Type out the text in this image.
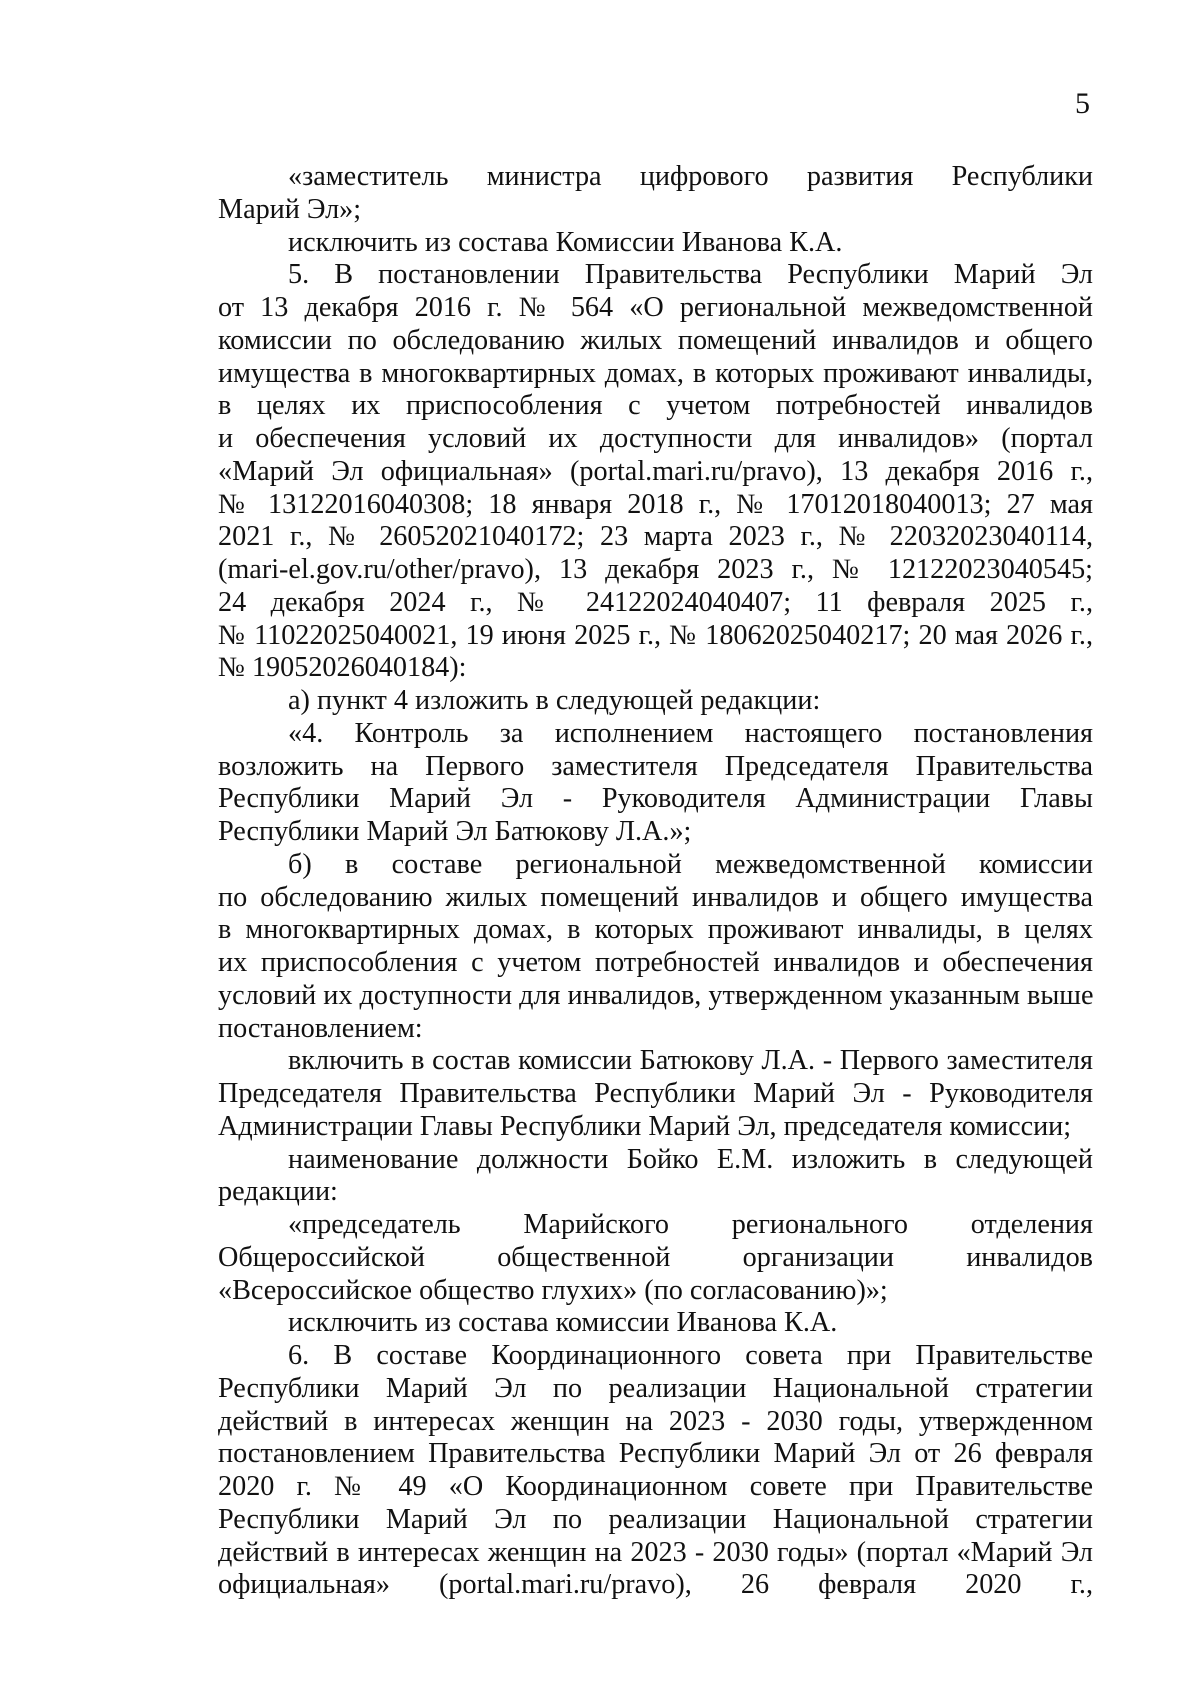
5
«заместитель министра цифрового развития Республики
Марий Эл»;
исключить из состава Комиссии Иванова К.А.
5. В постановлении Правительства Республики Марий Эл
от 13 декабря 2016 г. № 564 «О региональной межведомственной
комиссии по обследованию жилых помещений инвалидов и общего
имущества в многоквартирных домах, в которых проживают инвалиды,
в целях их приспособления с учетом потребностей инвалидов
и обеспечения условий их доступности для инвалидов» (портал
«Марий Эл официальная» (portal.mari.ru/pravo), 13 декабря 2016 г.,
№ 13122016040308; 18 января 2018 г., № 17012018040013; 27 мая
2021 г., № 26052021040172; 23 марта 2023 г., № 22032023040114,
(mari-el.gov.ru/other/pravo), 13 декабря 2023 г., № 12122023040545;
24 декабря 2024 г., № 24122024040407; 11 февраля 2025 г.,
№ 11022025040021, 19 июня 2025 г., № 18062025040217; 20 мая 2026 г.,
№ 19052026040184):
а) пункт 4 изложить в следующей редакции:
«4. Контроль за исполнением настоящего постановления
возложить на Первого заместителя Председателя Правительства
Республики Марий Эл - Руководителя Администрации Главы
Республики Марий Эл Батюкову Л.А.»;
б) в составе региональной межведомственной комиссии
по обследованию жилых помещений инвалидов и общего имущества
в многоквартирных домах, в которых проживают инвалиды, в целях
их приспособления с учетом потребностей инвалидов и обеспечения
условий их доступности для инвалидов, утвержденном указанным выше
постановлением:
включить в состав комиссии Батюкову Л.А. - Первого заместителя
Председателя Правительства Республики Марий Эл - Руководителя
Администрации Главы Республики Марий Эл, председателя комиссии;
наименование должности Бойко Е.М. изложить в следующей
редакции:
«председатель Марийского регионального отделения
Общероссийской общественной организации инвалидов
«Всероссийское общество глухих» (по согласованию)»;
исключить из состава комиссии Иванова К.А.
6. В составе Координационного совета при Правительстве
Республики Марий Эл по реализации Национальной стратегии
действий в интересах женщин на 2023 - 2030 годы, утвержденном
постановлением Правительства Республики Марий Эл от 26 февраля
2020 г. № 49 «О Координационном совете при Правительстве
Республики Марий Эл по реализации Национальной стратегии
действий в интересах женщин на 2023 - 2030 годы» (портал «Марий Эл
официальная» (portal.mari.ru/pravo), 26 февраля 2020 г.,
